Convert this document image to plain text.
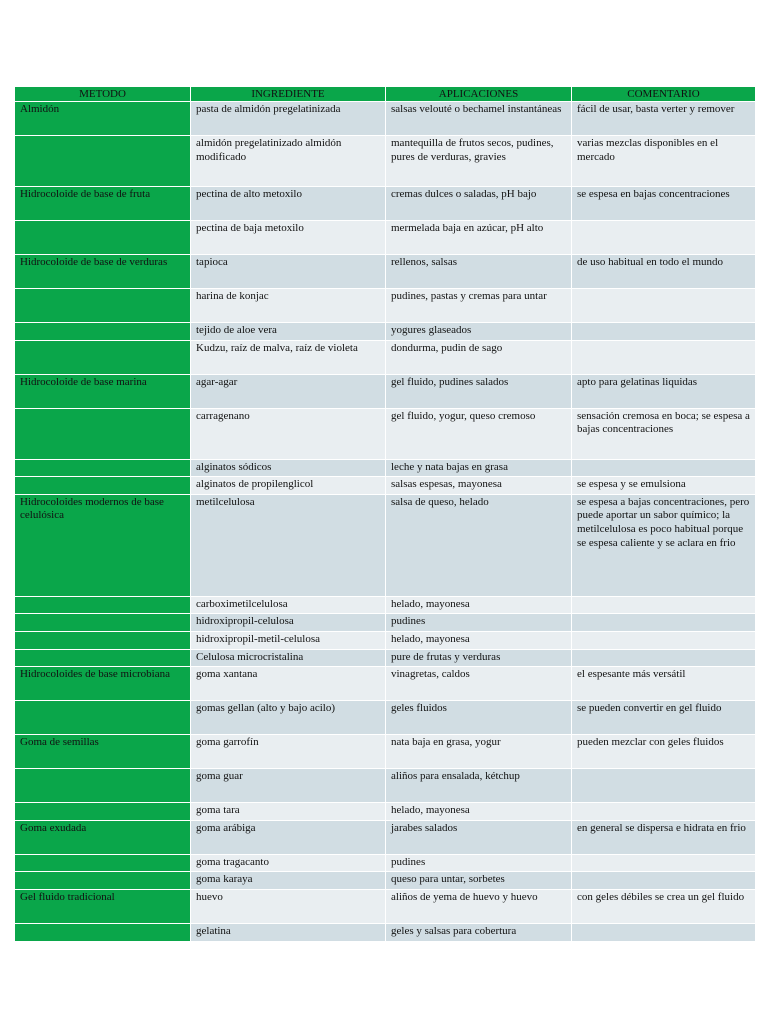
METODO	INGREDIENTE	APLICACIONES	COMENTARIO
Almidón	pasta de almidón pregelatinizada	salsas velouté o bechamel instantáneas	fácil de usar, basta verter y remover
	almidón pregelatinizado almidón modificado	mantequilla de frutos secos, pudines, pures de verduras, gravies	varias mezclas disponibles en el mercado
Hidrocoloide de base de fruta	pectina de alto metoxilo	cremas dulces o saladas, pH bajo	se espesa en bajas concentraciones
	pectina de baja metoxilo	mermelada baja en azúcar, pH alto	
Hidrocoloide de base de verduras	tapioca	rellenos, salsas	de uso habitual en todo el mundo
	harina de konjac	pudines, pastas y cremas para untar	
	tejido de aloe vera	yogures glaseados	
	Kudzu, raíz de malva, raíz de violeta	dondurma, pudin de sago	
Hidrocoloide de base marina	agar-agar	gel fluido, pudines salados	apto para gelatinas liquidas
	carragenano	gel fluido, yogur, queso cremoso	sensación cremosa en boca; se espesa a bajas concentraciones
	alginatos sódicos	leche y nata bajas en grasa	
	alginatos de propilenglicol	salsas espesas, mayonesa	se espesa y se emulsiona
Hidrocoloides modernos de base celulósica	metilcelulosa	salsa de queso, helado	se espesa a bajas concentraciones, pero puede aportar un sabor químico; la metilcelulosa es poco habitual porque se espesa caliente y se aclara en frio
	carboximetilcelulosa	helado, mayonesa	
	hidroxipropil-celulosa	pudines	
	hidroxipropil-metil-celulosa	helado, mayonesa	
	Celulosa microcristalina	pure de frutas y verduras	
Hidrocoloides de base microbiana	goma xantana	vinagretas, caldos	el espesante más versátil
	gomas gellan (alto y bajo acilo)	geles fluidos	se pueden convertir en gel fluido
Goma de semillas	goma garrofín	nata baja en grasa, yogur	pueden mezclar con geles fluidos
	goma guar	aliños para ensalada, kétchup	
	goma tara	helado, mayonesa	
Goma exudada	goma arábiga	jarabes salados	en general se dispersa e hidrata en frio
	goma tragacanto	pudines	
	goma karaya	queso para untar, sorbetes	
Gel fluido tradicional	huevo	aliños de yema de huevo y huevo	con geles débiles se crea un gel fluido
	gelatina	geles y salsas para cobertura	
